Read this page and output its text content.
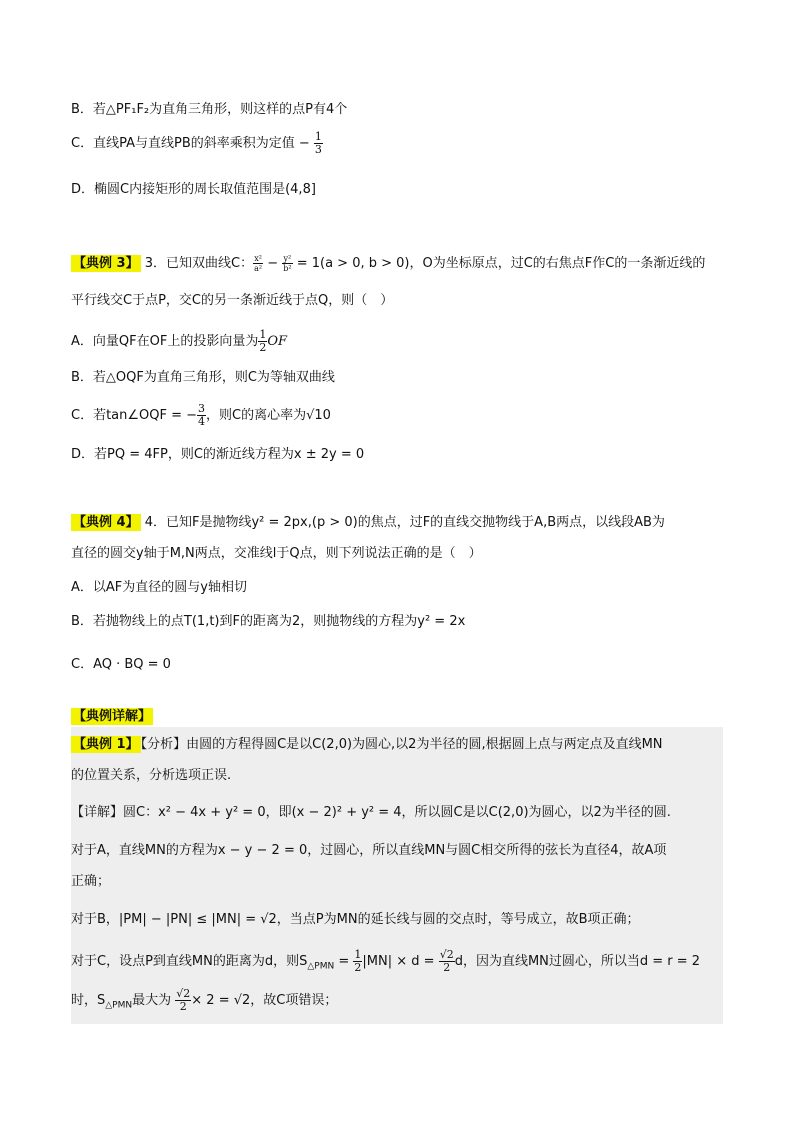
B．若△PF₁F₂为直角三角形，则这样的点P有4个
C．直线PA与直线PB的斜率乘积为定值 − $\frac{1}{3}$
D．椭圆C内接矩形的周长取值范围是(4,8]
【典例 3】 3．已知双曲线C： $\frac{\text{x²}}{\text{a²}} - \frac{\text{y²}}{\text{b²}} = 1(a > 0$, b > 0)，O为坐标原点，过C的右焦点F作C的一条渐近线的
平行线交C于点P，交C的另一条渐近线于点Q，则（　）
A．向量QF在OF上的投影向量为 $\frac{1}{2}$ OF
B．若△OQF为直角三角形，则C为等轴双曲线
C．若tan∠OQF = − $\frac{3}{4}$ ，则C的离心率为√10
D．若PQ = 4FP，则C的渐近线方程为x ± 2y = 0
【典例 4】 4．已知F是抛物线y² = 2px,(p > 0)的焦点，过F的直线交抛物线于A,B两点，以线段AB为
直径的圆交y轴于M,N两点，交准线l于Q点，则下列说法正确的是（　）
A．以AF为直径的圆与y轴相切
B．若抛物线上的点T(1,t)到F的距离为2，则抛物线的方程为y² = 2x
C．AQ · BQ = 0
【典例详解】
【典例 1】 【分析】由圆的方程得圆C是以C(2,0)为圆心,以2为半径的圆,根据圆上点与两定点及直线MN
的位置关系，分析选项正误.
【详解】圆C：x² − 4x + y² = 0，即(x − 2)² + y² = 4，所以圆C是以C(2,0)为圆心，以2为半径的圆.
对于A，直线MN的方程为x − y − 2 = 0，过圆心，所以直线MN与圆C相交所得的弦长为直径4，故A项
正确；
对于B，|PM| − |PN| ≤ |MN| = √2，当点P为MN的延长线与圆的交点时，等号成立，故B项正确；
对于C，设点P到直线MN的距离为d，则$S_{\triangle PMN} = \frac{1}{2} |MN| \times d = \frac{√2}{2}$ d，因为直线MN过圆心，所以当d = r = 2
时，$S_{\triangle PMN}$最大为 $\frac{√2}{2} \times 2 = √2$，故C项错误；
